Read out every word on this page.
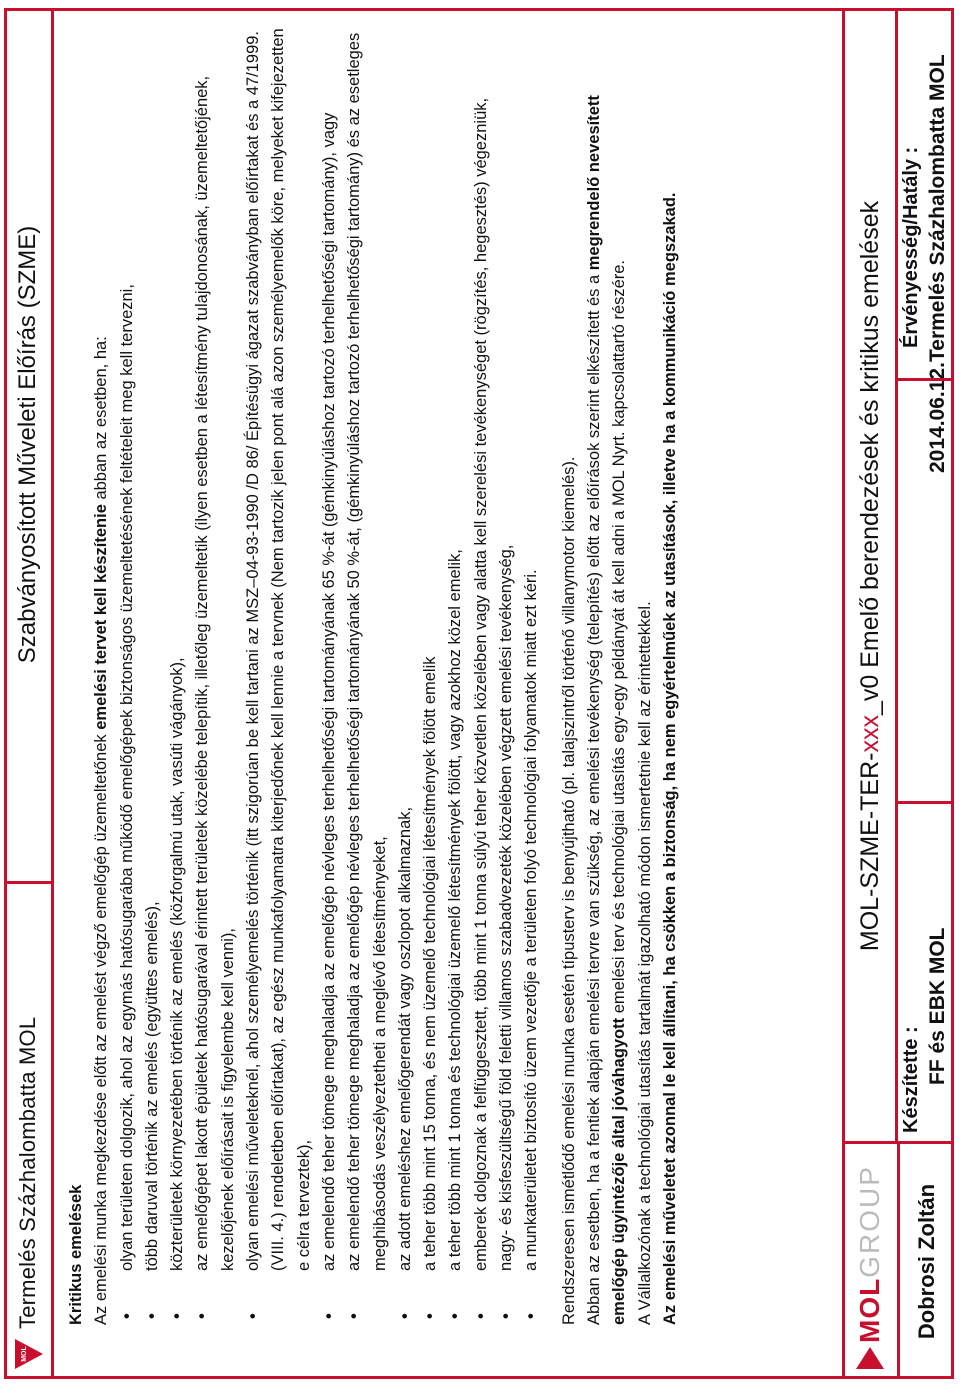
MOL
Termelés Százhalombatta MOL
Szabványosított Műveleti Előírás (SZME)
Kritikus emelések Az emelési munka megkezdése előtt az emelést végző emelőgép üzemeltetőnek emelési tervet kell készítenie abban az esetben, ha: • olyan területen dolgozik, ahol az egymás hatósugarába működő emelőgépek biztonságos üzemeltetésének feltételeit meg kell tervezni, • több daruval történik az emelés (együttes emelés), • közterületek környezetében történik az emelés (közforgalmú utak, vasúti vágányok), • az emelőgépet lakott épületek hatósugarával érintett területek közelébe telepítik, illetőleg üzemeltetik (ilyen esetben a létesítmény tulajdonosának, üzemeltetőjének, kezelőjének előírásait is figyelembe kell venni), • olyan emelési műveleteknél, ahol személyemelés történik (itt szigorúan be kell tartani az MSZ–04-93-1990 /D 86/ Építésügyi ágazat szabványban előírtakat és a 47/1999. (VIII. 4.) rendeletben előírtakat), az egész munkafolyamatra kiterjedőnek kell lennie a tervnek (Nem tartozik jelen pont alá azon személyemelők köre, melyeket kifejezetten e célra terveztek), • az emelendő teher tömege meghaladja az emelőgép névleges terhelhetőségi tartományának 65 %-át (gémkinyúláshoz tartozó terhelhetőségi tartomány), vagy • az emelendő teher tömege meghaladja az emelőgép névleges terhelhetőségi tartományának 50 %-át, (gémkinyúláshoz tartozó terhelhetőségi tartomány) és az esetleges meghibásodás veszélyeztetheti a meglévő létesítményeket, • az adott emeléshez emelőgerendát vagy oszlopot alkalmaznak, • a teher több mint 15 tonna, és nem üzemelő technológiai létesítmények fölött emelik • a teher több mint 1 tonna és technológiai üzemelő létesítmények fölött, vagy azokhoz közel emelik, • emberek dolgoznak a felfüggesztett, több mint 1 tonna súlyú teher közvetlen közelében vagy alatta kell szerelési tevékenységet (rögzítés, hegesztés) végezniük, • nagy- és kisfeszültségű föld feletti villamos szabadvezeték közelében végzett emelési tevékenység, • a munkaterületet biztosító üzem vezetője a területen folyó technológiai folyamatok miatt ezt kéri. Rendszeresen ismétlődő emelési munka esetén típusterv is benyújtható (pl. talajszintről történő villanymotor kiemelés). Abban az esetben, ha a fentiek alapján emelési tervre van szükség, az emelési tevékenység (telepítés) előtt az előírások szerint elkészített és a megrendelő nevesített emelőgép ügyintézője által jóváhagyott emelési terv és technológiai utasítás egy-egy példányát át kell adni a MOL Nyrt. kapcsolattartó részére. A Vállalkozónak a technológiai utasítás tartalmát igazolható módon ismertetnie kell az érintettekkel. Az emelési műveletet azonnal le kell állítani, ha csökken a biztonság, ha nem egyértelműek az utasítások, illetve ha a kommunikáció megszakad.	MOL
GROUP	Dobrosi Zoltán
MOL-SZME-TER-
xxx
_v0 Emelő berendezések és kritikus emelések
Készítette : FF és EBK MOL
2014.06.12.
Érvényesség/Hatály : Termelés Százhalombatta MOL
